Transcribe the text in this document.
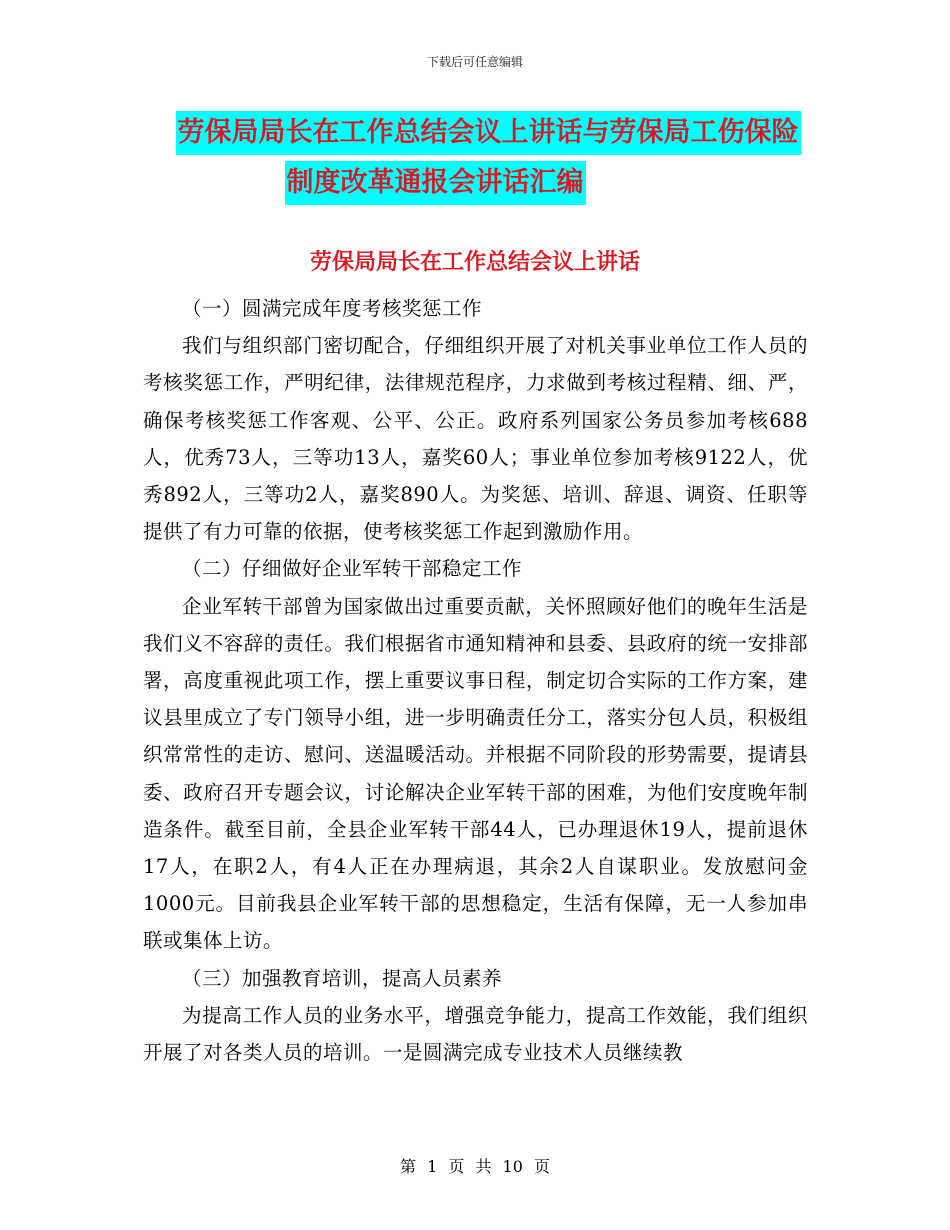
下载后可任意编辑
劳保局局长在工作总结会议上讲话与劳保局工伤保险
制度改革通报会讲话汇编
劳保局局长在工作总结会议上讲话

（一）圆满完成年度考核奖惩工作

我们与组织部门密切配合，仔细组织开展了对机关事业单位工作人员的考核奖惩工作，严明纪律，法律规范程序，力求做到考核过程精、细、严，确保考核奖惩工作客观、公平、公正。政府系列国家公务员参加考核688人，优秀73人，三等功13人，嘉奖60人；事业单位参加考核9122人，优秀892人，三等功2人，嘉奖890人。为奖惩、培训、辞退、调资、任职等提供了有力可靠的依据，使考核奖惩工作起到激励作用。

（二）仔细做好企业军转干部稳定工作

企业军转干部曾为国家做出过重要贡献，关怀照顾好他们的晚年生活是我们义不容辞的责任。我们根据省市通知精神和县委、县政府的统一安排部署，高度重视此项工作，摆上重要议事日程，制定切合实际的工作方案，建议县里成立了专门领导小组，进一步明确责任分工，落实分包人员，积极组织常常性的走访、慰问、送温暖活动。并根据不同阶段的形势需要，提请县委、政府召开专题会议，讨论解决企业军转干部的困难，为他们安度晚年制造条件。截至目前，全县企业军转干部44人，已办理退休19人，提前退休17人，在职2人，有4人正在办理病退，其余2人自谋职业。发放慰问金1000元。目前我县企业军转干部的思想稳定，生活有保障，无一人参加串联或集体上访。

（三）加强教育培训，提高人员素养

为提高工作人员的业务水平，增强竞争能力，提高工作效能，我们组织开展了对各类人员的培训。一是圆满完成专业技术人员继续教

第 1 页 共 10 页
